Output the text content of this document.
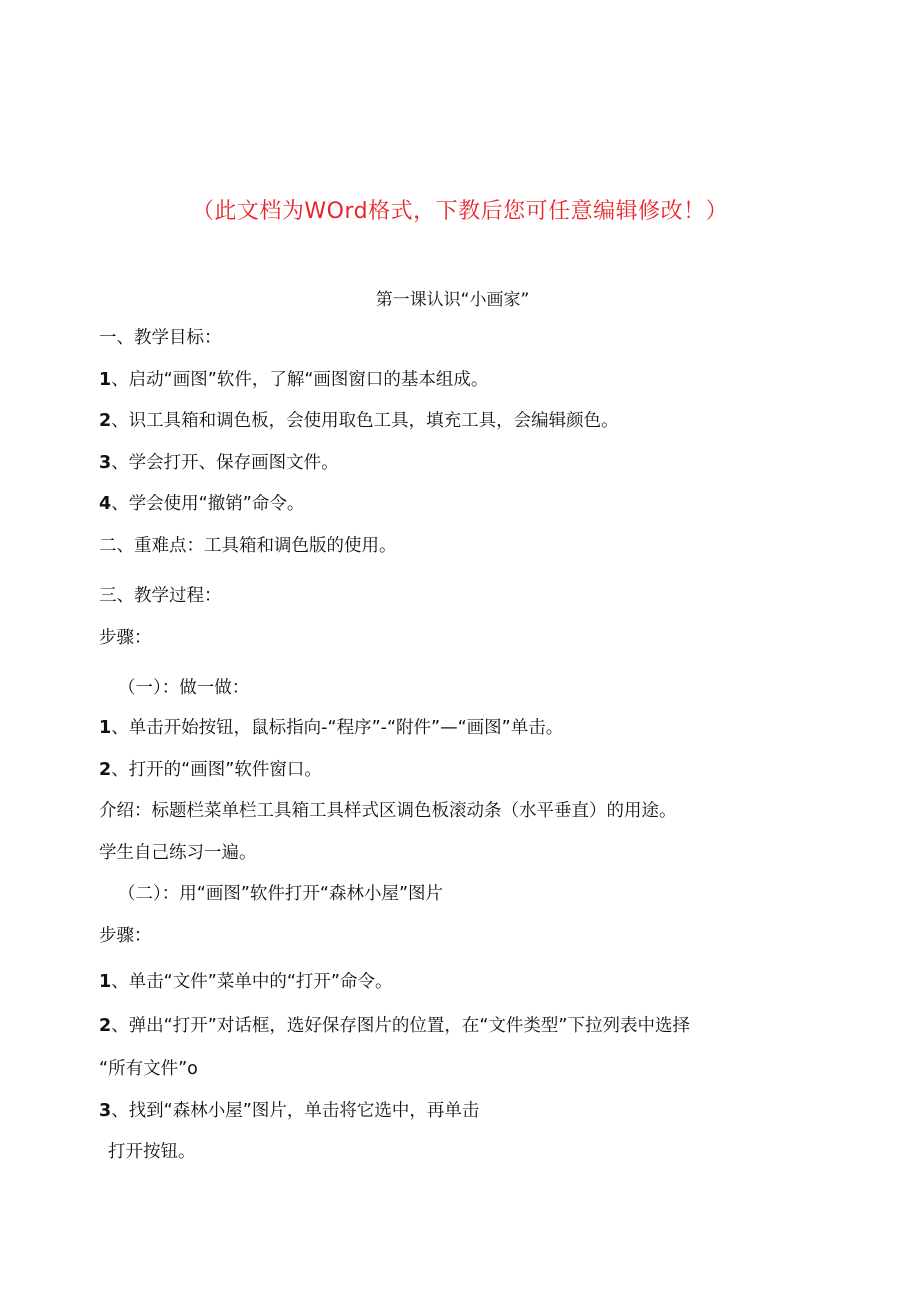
（此文档为WOrd格式，下教后您可任意编辑修改！）
第一课认识“小画家”
一、教学目标：
1、启动“画图”软件，了解“画图窗口的基本组成。
2、识工具箱和调色板，会使用取色工具，填充工具，会编辑颜色。
3、学会打开、保存画图文件。
4、学会使用“撤销”命令。
二、重难点：工具箱和调色版的使用。
三、教学过程：
步骤：
（一）：做一做：
1、单击开始按钮，鼠标指向-“程序”-“附件”—“画图”单击。
2、打开的“画图”软件窗口。
介绍：标题栏菜单栏工具箱工具样式区调色板滚动条（水平垂直）的用途。
学生自己练习一遍。
（二）：用“画图”软件打开“森林小屋”图片
步骤：
1、单击“文件”菜单中的“打开”命令。
2、弹出“打开”对话框，选好保存图片的位置，在“文件类型”下拉列表中选择
“所有文件”o
3、找到“森林小屋”图片，单击将它选中，再单击
打开按钮。
